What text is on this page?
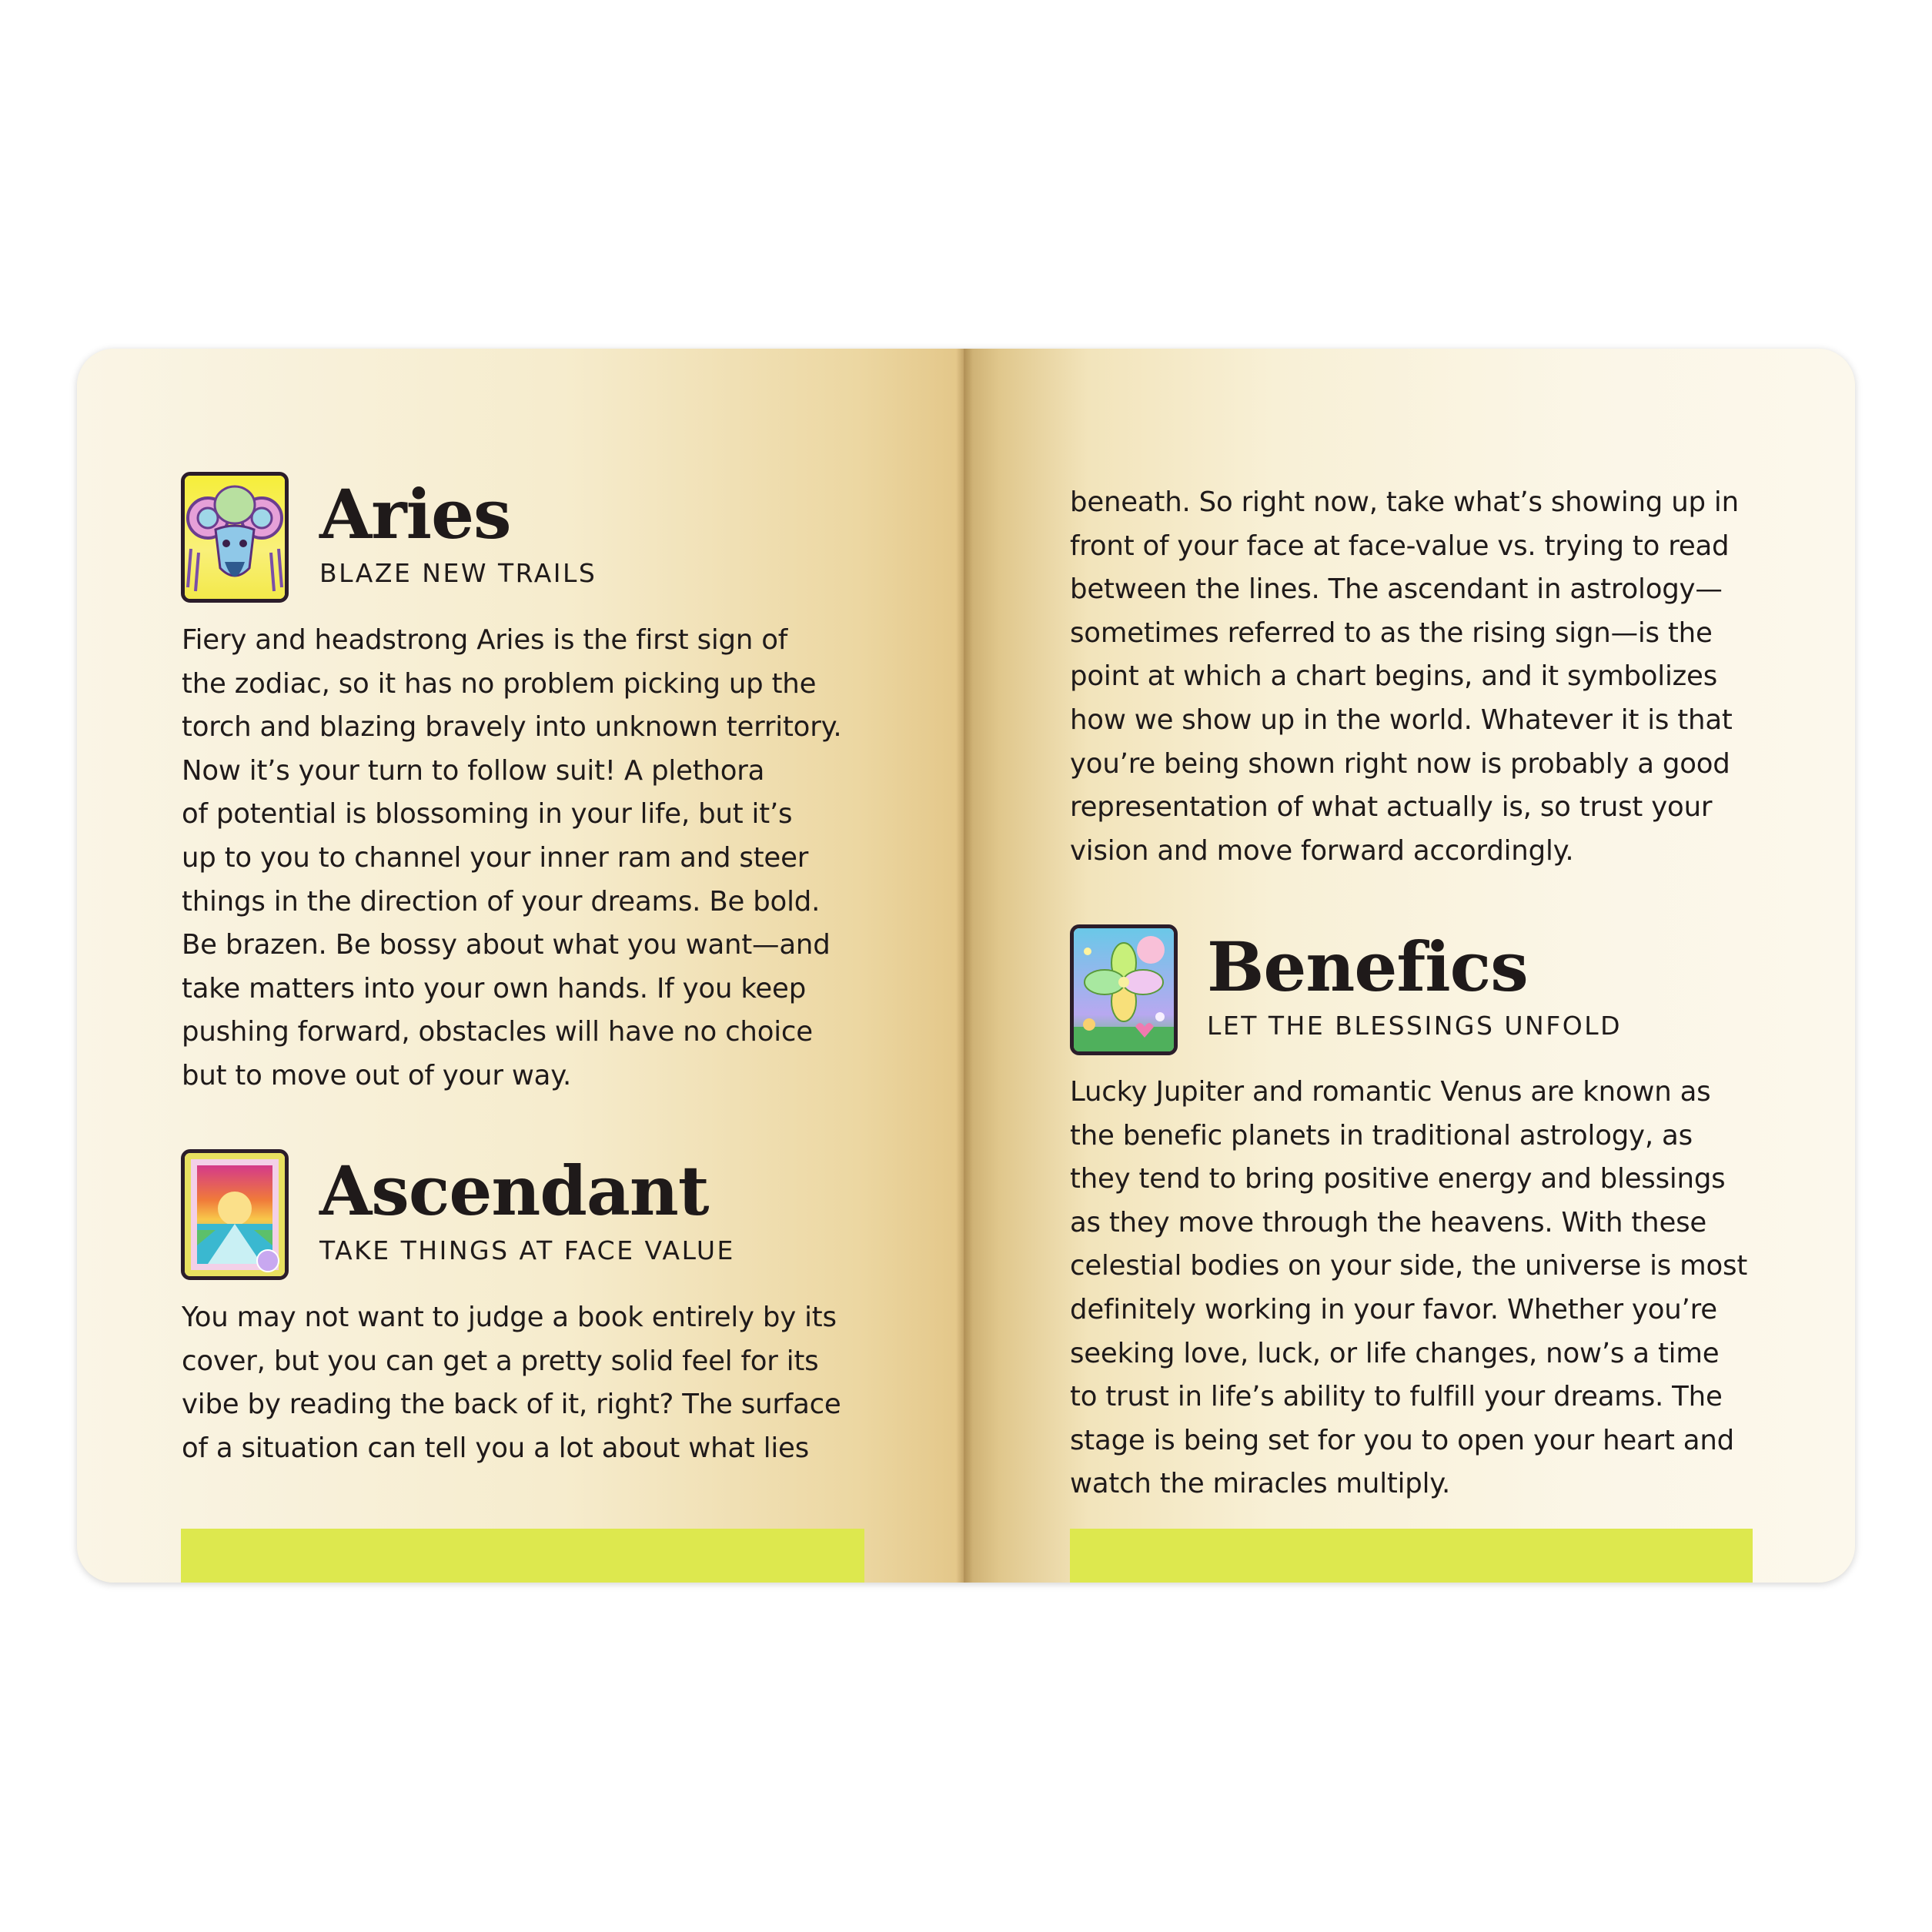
Aries

BLAZE NEW TRAILS

Fiery and headstrong Aries is the first sign of
the zodiac, so it has no problem picking up the
torch and blazing bravely into unknown territory.
Now it’s your turn to follow suit! A plethora
of potential is blossoming in your life, but it’s
up to you to channel your inner ram and steer
things in the direction of your dreams. Be bold.
Be brazen. Be bossy about what you want—and
take matters into your own hands. If you keep
pushing forward, obstacles will have no choice
but to move out of your way.
Ascendant

TAKE THINGS AT FACE VALUE

You may not want to judge a book entirely by its
cover, but you can get a pretty solid feel for its
vibe by reading the back of it, right? The surface
of a situation can tell you a lot about what lies
beneath. So right now, take what’s showing up in
front of your face at face-value vs. trying to read
between the lines. The ascendant in astrology—
sometimes referred to as the rising sign—is the
point at which a chart begins, and it symbolizes
how we show up in the world. Whatever it is that
you’re being shown right now is probably a good
representation of what actually is, so trust your
vision and move forward accordingly.
Benefics

LET THE BLESSINGS UNFOLD

Lucky Jupiter and romantic Venus are known as
the benefic planets in traditional astrology, as
they tend to bring positive energy and blessings
as they move through the heavens. With these
celestial bodies on your side, the universe is most
definitely working in your favor. Whether you’re
seeking love, luck, or life changes, now’s a time
to trust in life’s ability to fulfill your dreams. The
stage is being set for you to open your heart and
watch the miracles multiply.
